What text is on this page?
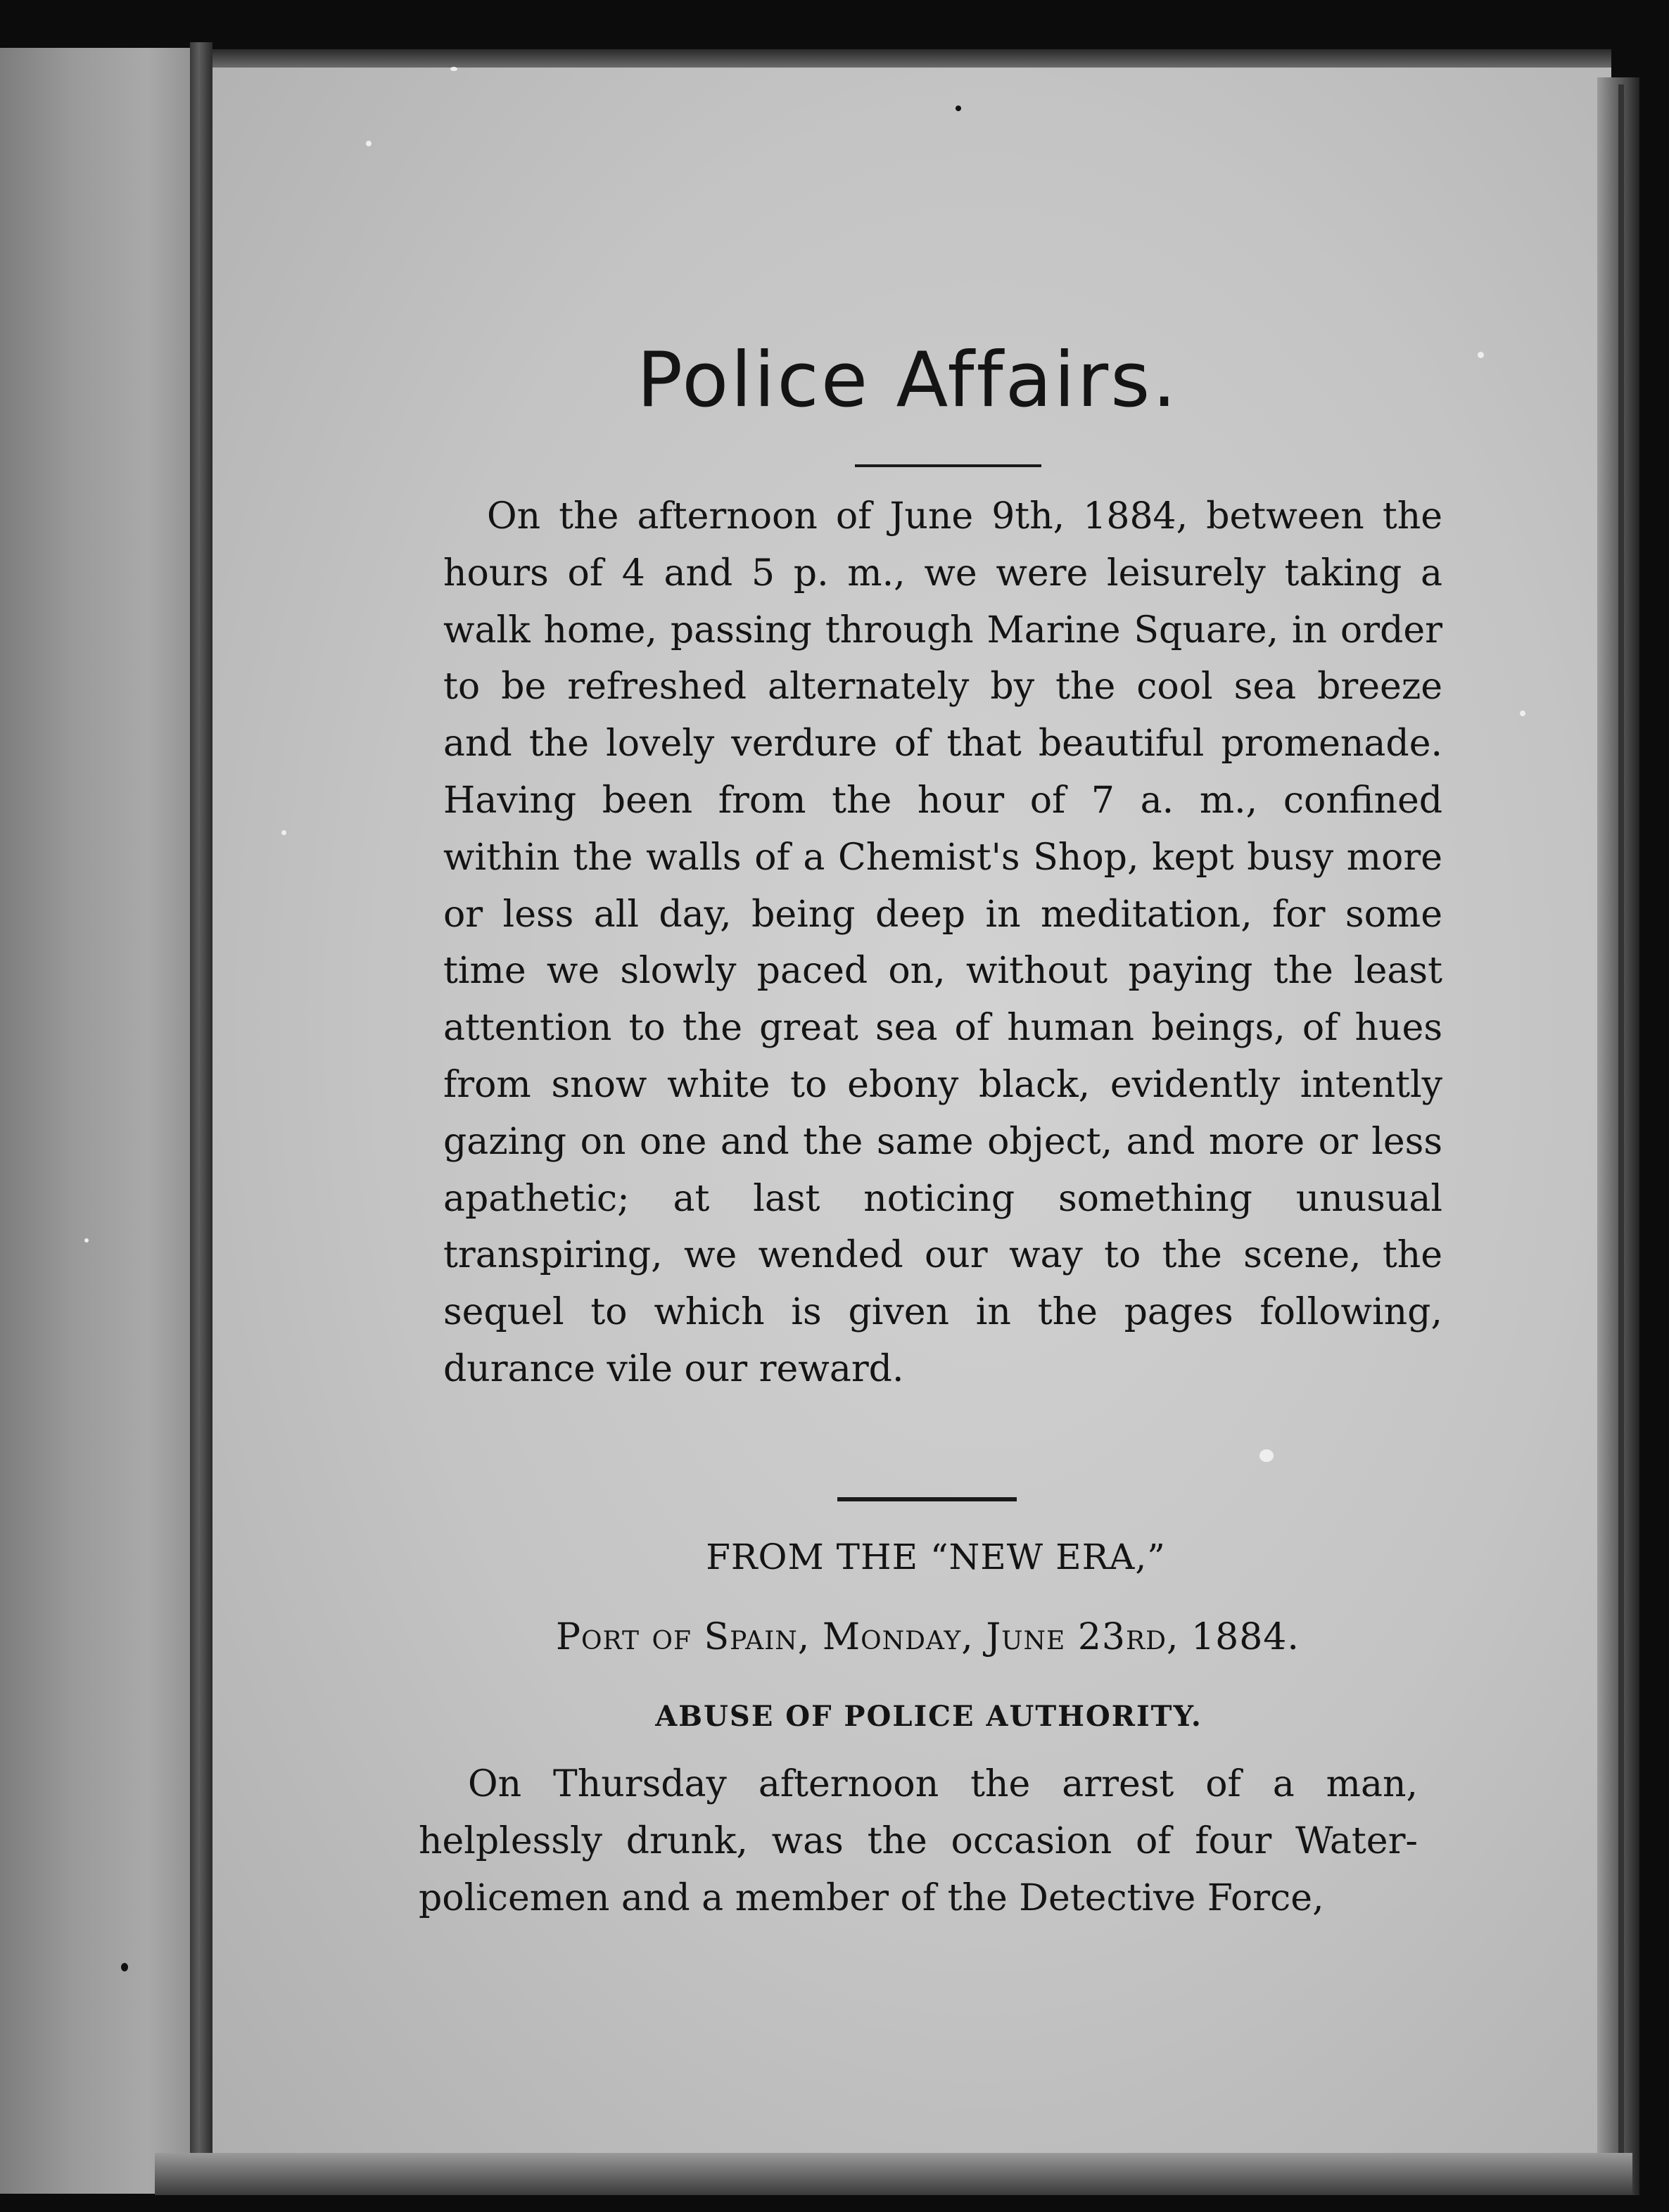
Police Affairs.

On the afternoon of June 9th, 1884, between the hours of 4 and 5 p. m., we were leisurely taking a walk home, passing through Marine Square, in order to be refreshed alternately by the cool sea breeze and the lovely verdure of that beautiful promenade. Having been from the hour of 7 a. m., confined within the walls of a Chemist's Shop, kept busy more or less all day, being deep in meditation, for some time we slowly paced on, without paying the least attention to the great sea of human beings, of hues from snow white to ebony black, evidently intently gazing on one and the same object, and more or less apathetic; at last noticing something unusual transpiring, we wended our way to the scene, the sequel to which is given in the pages following, durance vile our reward.

FROM THE “NEW ERA,”

Port of Spain, Monday, June 23rd, 1884.

ABUSE OF POLICE AUTHORITY.

On Thursday afternoon the arrest of a man, helplessly drunk, was the occasion of four Water-policemen and a member of the Detective Force,
